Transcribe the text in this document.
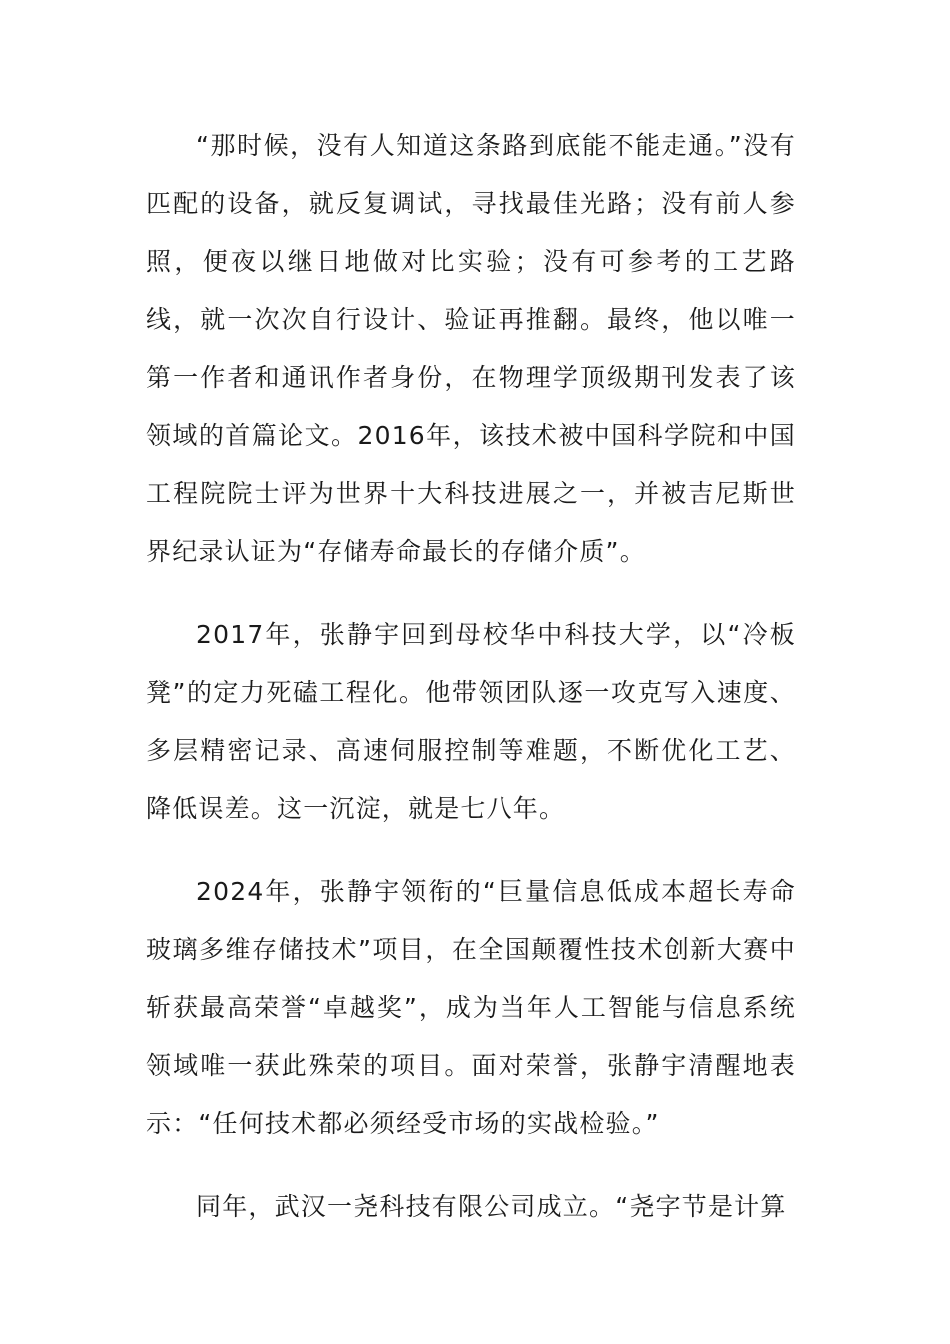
“那时候，没有人知道这条路到底能不能走通。”没有匹配的设备，就反复调试，寻找最佳光路；没有前人参照，便夜以继日地做对比实验；没有可参考的工艺路线，就一次次自行设计、验证再推翻。最终，他以唯一第一作者和通讯作者身份，在物理学顶级期刊发表了该领域的首篇论文。2016年，该技术被中国科学院和中国工程院院士评为世界十大科技进展之一，并被吉尼斯世界纪录认证为“存储寿命最长的存储介质”。

2017年，张静宇回到母校华中科技大学，以“冷板凳”的定力死磕工程化。他带领团队逐一攻克写入速度、多层精密记录、高速伺服控制等难题，不断优化工艺、降低误差。这一沉淀，就是七八年。

2024年，张静宇领衔的“巨量信息低成本超长寿命玻璃多维存储技术”项目，在全国颠覆性技术创新大赛中斩获最高荣誉“卓越奖”，成为当年人工智能与信息系统领域唯一获此殊荣的项目。面对荣誉，张静宇清醒地表示：“任何技术都必须经受市场的实战检验。”

同年，武汉一尧科技有限公司成立。“尧字节是计算
